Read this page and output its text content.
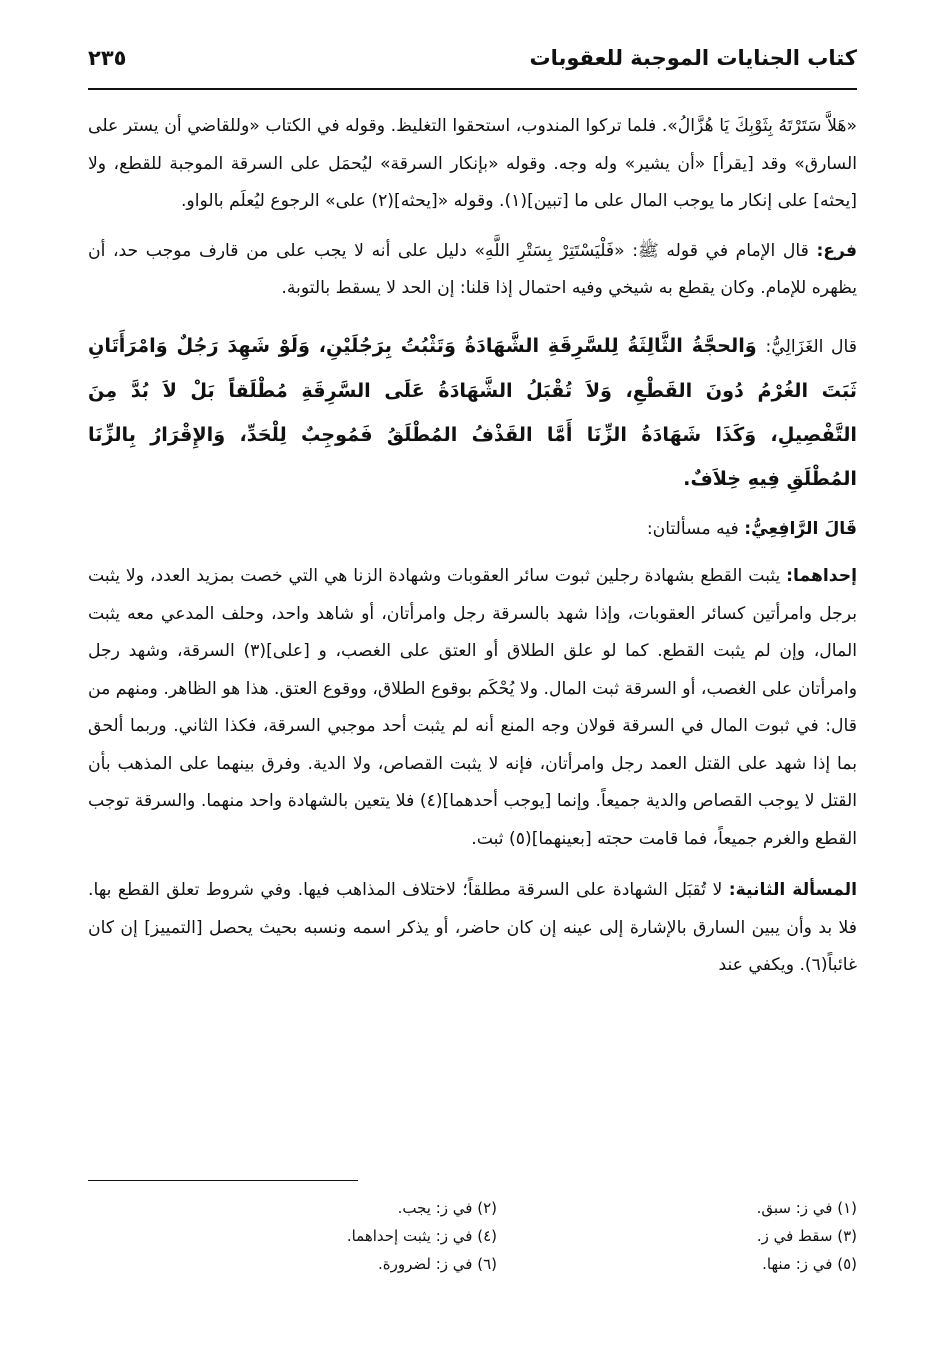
كتاب الجنايات الموجبة للعقوبات
٢٣٥

«هَلاَّ سَتَرْتَهُ بِثَوْبِكَ يَا هُزَّالُ». فلما تركوا المندوب، استحقوا التغليظ. وقوله في الكتاب «وللقاضي أن يستر على السارق» وقد [يقرأ] «أن يشير» وله وجه. وقوله «بإنكار السرقة» ليُحمَل على السرقة الموجبة للقطع، ولا [يحثه] على إنكار ما يوجب المال على ما [تبين](١). وقوله «[يحثه](٢) على» الرجوع ليُعلَم بالواو.

فرع: قال الإمام في قوله ﷺ: «فَلْيَسْتَتِرْ بِسَتْرِ اللَّهِ» دليل على أنه لا يجب على من قارف موجب حد، أن يظهره للإمام. وكان يقطع به شيخي وفيه احتمال إذا قلنا: إن الحد لا يسقط بالتوبة.

قال الغَزَالِيُّ: وَالحجَّةُ الثَّالِثَةُ لِلسَّرِقَةِ الشَّهَادَةُ وَتَثْبُتُ بِرَجُلَيْنِ، وَلَوْ شَهِدَ رَجُلٌ وَامْرَأَتَانِ ثَبَتَ الغُرْمُ دُونَ القَطْعِ، وَلاَ تُقْبَلُ الشَّهَادَةُ عَلَى السَّرِقَةِ مُطْلَقاً بَلْ لاَ بُدَّ مِنَ التَّفْصِيلِ، وَكَذَا شَهَادَةُ الزِّنَا أَمَّا القَذْفُ المُطْلَقُ فَمُوجِبٌ لِلْحَدِّ، وَالإِقْرَارُ بِالزِّنَا المُطْلَقِ فِيهِ خِلاَفٌ.

قَالَ الرَّافِعِيُّ: فيه مسألتان:

إحداهما: يثبت القطع بشهادة رجلين ثبوت سائر العقوبات وشهادة الزنا هي التي خصت بمزيد العدد، ولا يثبت برجل وامرأتين كسائر العقوبات، وإذا شهد بالسرقة رجل وامرأتان، أو شاهد واحد، وحلف المدعي معه يثبت المال، وإن لم يثبت القطع. كما لو علق الطلاق أو العتق على الغصب، و [على](٣) السرقة، وشهد رجل وامرأتان على الغصب، أو السرقة ثبت المال. ولا يُحْكَم بوقوع الطلاق، ووقوع العتق. هذا هو الظاهر. ومنهم من قال: في ثبوت المال في السرقة قولان وجه المنع أنه لم يثبت أحد موجبي السرقة، فكذا الثاني. وربما ألحق بما إذا شهد على القتل العمد رجل وامرأتان، فإنه لا يثبت القصاص، ولا الدية. وفرق بينهما على المذهب بأن القتل لا يوجب القصاص والدية جميعاً. وإنما [يوجب أحدهما](٤) فلا يتعين بالشهادة واحد منهما. والسرقة توجب القطع والغرم جميعاً، فما قامت حجته [بعينهما](٥) ثبت.

المسألة الثانية: لا تُقبَل الشهادة على السرقة مطلقاً؛ لاختلاف المذاهب فيها. وفي شروط تعلق القطع بها. فلا بد وأن يبين السارق بالإشارة إلى عينه إن كان حاضر، أو يذكر اسمه ونسبه بحيث يحصل [التمييز] إن كان غائباً(٦). ويكفي عند

(١) في ز: سبق.
(٢) في ز: يجب.
(٣) سقط في ز.
(٤) في ز: يثبت إحداهما.
(٥) في ز: منها.
(٦) في ز: لضرورة.
